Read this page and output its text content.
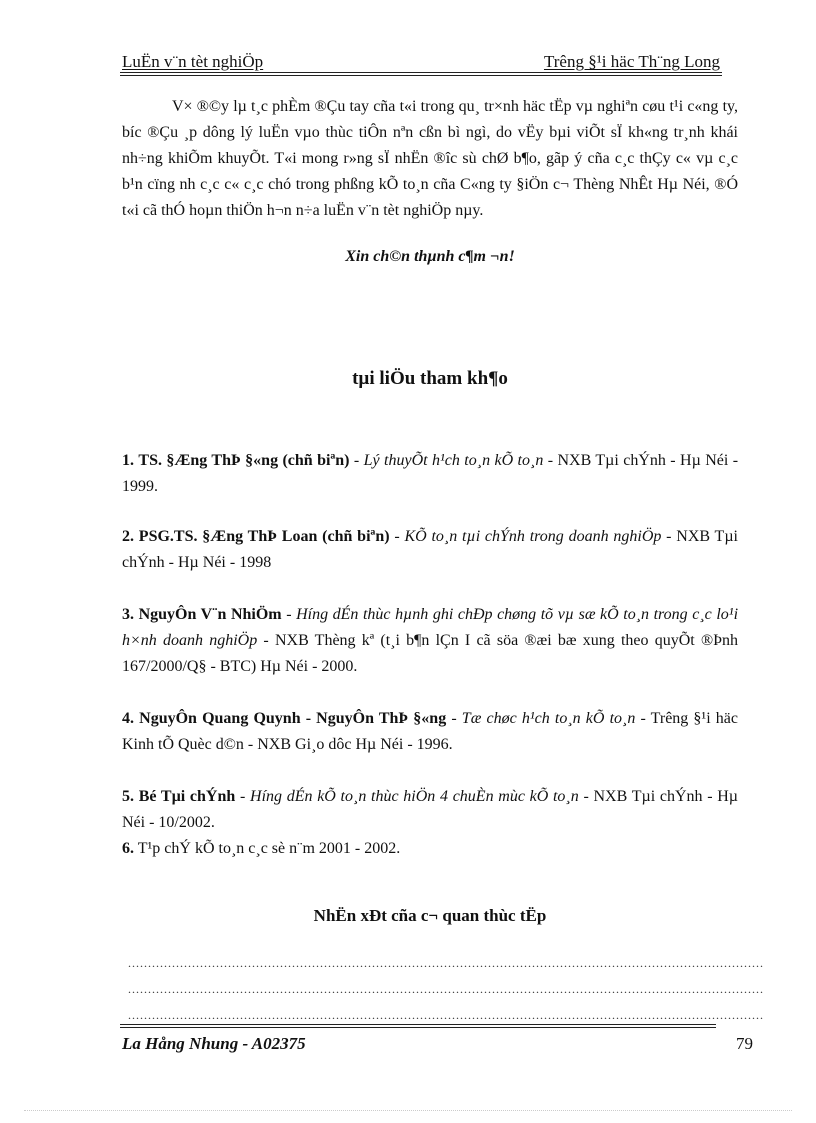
LuËn v¨n tèt nghiÖp	Trêng §¹i häc Th¨ng Long
V× ®©y lµ t¸c phÈm ®Çu tay cña t«i trong qu¸ tr×nh häc tËp vµ nghiªn cøu t¹i c«ng ty, bíc ®Çu ¸p dông lý luËn vµo thùc tiÔn nªn cßn bì ngì, do vËy bµi viÕt sÏ kh«ng tr¸nh khái nh÷ng khiÕm khuyÕt. T«i mong r»ng sÏ nhËn ®îc sù chØ b¶o, gãp ý cña c¸c thÇy c« vµ c¸c b¹n cïng nh c¸c c« c¸c chó trong phßng kÕ to¸n cña C«ng ty §iÖn c¬ Thèng NhÊt Hµ Néi, ®Ó t«i cã thÓ hoµn thiÖn h¬n n÷a luËn v¨n tèt nghiÖp nµy.
Xin ch©n thµnh c¶m ¬n!
tµi liÖu tham kh¶o
1. TS. §Æng ThÞ §«ng (chñ biªn) - Lý thuyÕt h¹ch to¸n kÕ to¸n - NXB Tµi chÝnh - Hµ Néi - 1999.
2. PSG.TS. §Æng ThÞ Loan (chñ biªn) - KÕ to¸n tµi chÝnh trong doanh nghiÖp - NXB Tµi chÝnh - Hµ Néi - 1998
3. NguyÔn V¨n NhiÖm - Híng dÉn thùc hµnh ghi chÐp chøng tõ vµ sæ kÕ to¸n trong c¸c lo¹i h×nh doanh nghiÖp - NXB Thèng kª (t¸i b¶n lÇn I cã söa ®æi bæ xung theo quyÕt ®Þnh 167/2000/Q§ - BTC) Hµ Néi - 2000.
4. NguyÔn Quang Quynh - NguyÔn ThÞ §«ng - Tæ chøc h¹ch to¸n kÕ to¸n - Trêng §¹i häc Kinh tÕ Quèc d©n - NXB Gi¸o dôc Hµ Néi - 1996.
5. Bé Tµi chÝnh - Híng dÉn kÕ to¸n thùc hiÖn 4 chuÈn mùc kÕ to¸n - NXB Tµi chÝnh - Hµ Néi - 10/2002.
6. T¹p chÝ kÕ to¸n c¸c sè n¨m 2001 - 2002.
NhËn xÐt cña c¬ quan thùc tËp
...............................................................................................................................................................
...............................................................................................................................................................
...............................................................................................................................................................
La Hång Nhung - A02375	79
